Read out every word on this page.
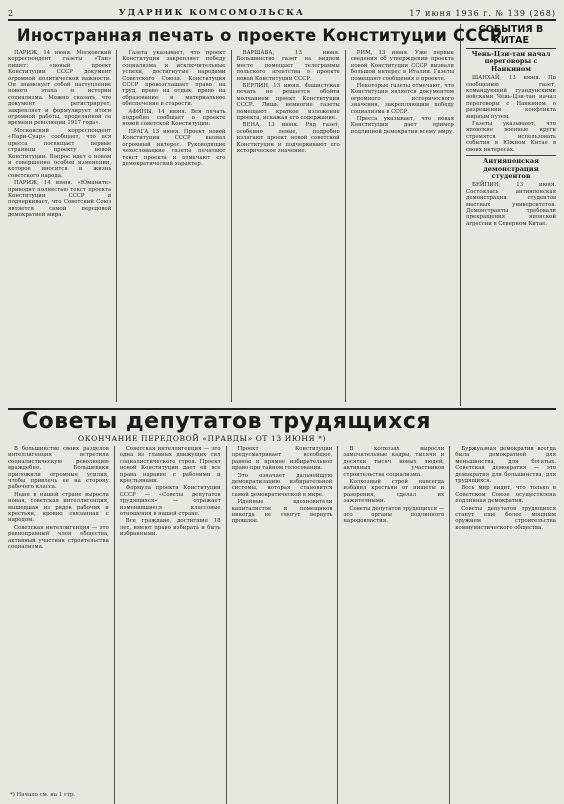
2	УДАРНИК КОМСОМОЛЬСКА	17 июня 1936 г. № 139 (268)
Иностранная печать о проекте Конституции СССР

ПАРИЖ, 14 июня. Московский корреспондент газеты «Тан» пишет: «новый проект Конституции СССР документ огромной политической важности. Он знаменует собой наступление нового этапа в истории социализма. Можно сказать, что документ регистрирует, закрепляет и формулирует итоги огромной работы, проделанной со времени революции 1917 года».

Московский корреспондент «Пари-Суар» сообщает, что вся пресса посвящает первые страницы проекту новой Конституции. Вопрос идет о новом и совершенно особом изменении, которое вносится в жизнь советского народа.

ПАРИЖ, 14 июня. «Юманите» приводит полностью текст проекта Конституции СССР и подчеркивает, что Советский Союз является самой передовой демократией мира.

Газета указывает, что проект Конституции закрепляет победу социализма и исключительные успехи, достигнутые народами Советского Союза. Конституция СССР провозглашает право на труд, право на отдых, право на образование и материальное обеспечение в старости.

АФИНЫ, 14 июня. Вся печать подробно сообщает о проекте новой советской Конституции.

ПРАГА 13 июня. Проект новой Конституции СССР вызвал огромный интерес. Руководящие чехословацкие газеты печатают текст проекта и отмечают его демократический характер.

ВАРШАВА, 13 июня. Большинство газет на видном месте помещает телеграммы польского агентства о проекте новой Конституции СССР.

БЕРЛИН, 13 июня. Фашистская печать не решается обойти молчанием проект Конституции СССР. Лишь немногие газеты помещают краткое изложение проекта, искажая его содержание.

ВЕНА, 13 июня. Ряд газет, особенно левые, подробно излагают проект новой советской Конституции и подчеркивают его историческое значение.

РИМ, 13 июня. Уже первые сведения об утверждении проекта новой Конституции СССР вызвали большой интерес в Италии. Газеты помещают сообщения о проекте.

Некоторые газеты отмечают, что Конституция является документом огромного исторического значения, закрепляющим победу социализма в СССР.

Пресса указывает, что новая Конституция дает пример подлинной демократии всему миру.

СОБЫТИЯ В КИТАЕ
Чень-Цзи-тан начал переговоры с Нанкином

ШАНХАЙ, 13 июня. По сообщению газет, командующий гуандунскими войсками Чень-Цзи-тан начал переговоры с Нанкином о разрешении конфликта мирным путем.

Газеты указывают, что японские военные круги стремятся использовать события в Южном Китае в своих интересах.

Антияпонская демонстрация студентов

БЕЙПИН, 13 июня. Состоялась антияпонская демонстрация студентов местных университетов. Демонстранты требовали прекращения японской агрессии в Северном Китае.

Советы депутатов трудящихся
ОКОНЧАНИЕ ПЕРЕДОВОЙ «ПРАВДЫ» ОТ 13 ИЮНЯ *)

В большинстве своих разделов интеллигенция встретила социалистическую революцию враждебно. Большевики приложили огромные усилия, чтобы привлечь ее на сторону рабочего класса.

Ныне в нашей стране выросла новая, советская интеллигенция, вышедшая из рядов рабочих и крестьян, кровно связанная с народом.

Советская интеллигенция — это равноправный член общества, активный участник строительства социализма.

Советская интеллигенция — это одна из главных движущих сил социалистического строя. Проект новой Конституции дает ей все права наравне с рабочими и крестьянами.

Формула проекта Конституции СССР — «Советы депутатов трудящихся» — отражает изменившиеся классовые отношения в нашей стране.

Все граждане, достигшие 18 лет, имеют право избирать и быть избранными.

Проект Конституции предусматривает всеобщее, равное и прямое избирательное право при тайном голосовании.

Это означает дальнейшую демократизацию избирательной системы, которая становится самой демократической в мире.

Идейные вдохновители капиталистов и помещиков никогда не смогут вернуть прошлое.

В колхозах выросли замечательные кадры, тысячи и десятки тысяч новых людей, активных участников строительства социализма.

Колхозный строй навсегда избавил крестьян от нищеты и разорения, сделал их зажиточными.

Советы депутатов трудящихся — это органы подлинного народовластия.

Буржуазная демократия всегда была демократией для меньшинства, для богатых. Советская демократия — это демократия для большинства, для трудящихся.

Весь мир видит, что только в Советском Союзе осуществлена подлинная демократия.

Советы депутатов трудящихся станут еще более мощным оружием строительства коммунистического общества.

*) Начало см. на 1 стр.
